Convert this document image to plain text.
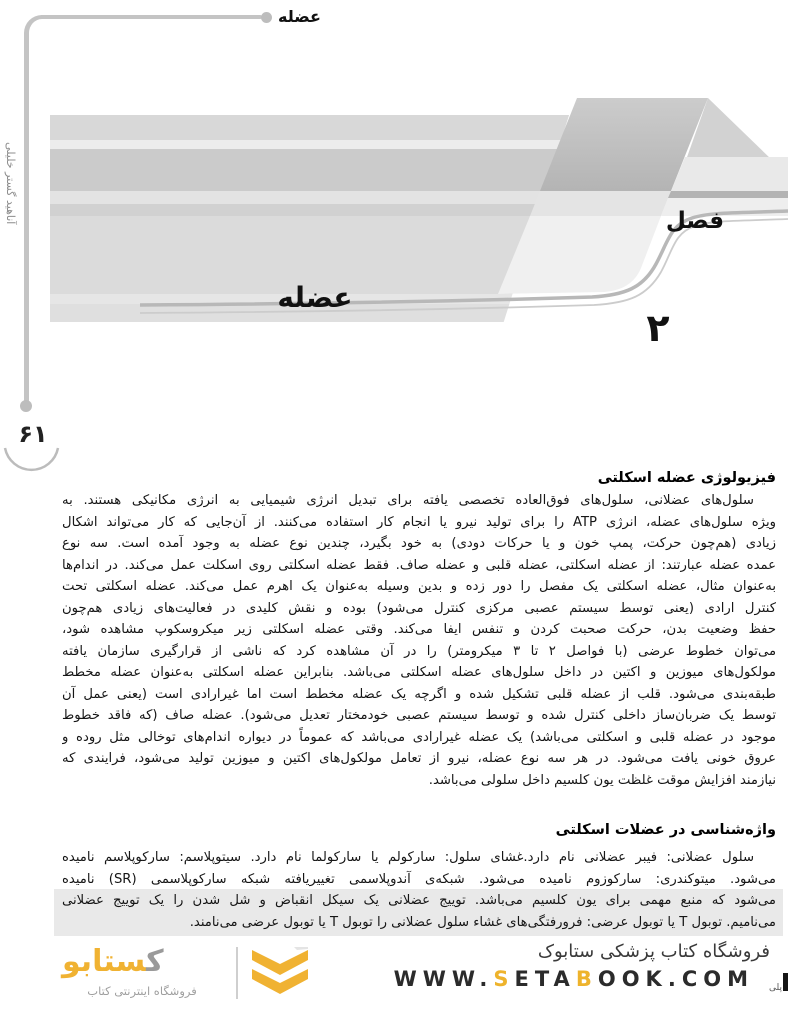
عضله
آناهید گستر خلیلی
۶۱
عضله
فصل
۲
فیزیولوژی عضله اسکلتی
سلول‌های عضلانی، سلول‌های فوق‌العاده تخصصی یافته برای تبدیل انرژی شیمیایی به انرژی مکانیکی هستند. به
ویژه سلول‌های عضله، انرژی ATP را برای تولید نیرو یا انجام کار استفاده می‌کنند. از آن‌جایی که کار می‌تواند اشکال
زیادی (هم‌چون حرکت، پمپ خون و یا حرکات دودی) به خود بگیرد، چندین نوع عضله به وجود آمده است. سه نوع
عمده عضله عبارتند: از عضله اسکلتی، عضله قلبی و عضله صاف. فقط عضله اسکلتی روی اسکلت عمل می‌کند. در اندام‌ها
به‌عنوان مثال، عضله اسکلتی یک مفصل را دور زده و بدین وسیله به‌عنوان یک اهرم عمل می‌کند. عضله اسکلتی تحت
کنترل ارادی (یعنی توسط سیستم عصبی مرکزی کنترل می‌شود) بوده و نقش کلیدی در فعالیت‌های زیادی هم‌چون
حفظ وضعیت بدن، حرکت صحبت کردن و تنفس ایفا می‌کند. وقتی عضله اسکلتی زیر میکروسکوپ مشاهده شود،
می‌توان خطوط عرضی (با فواصل ۲ تا ۳ میکرومتر) را در آن مشاهده کرد که ناشی از قرارگیری سازمان یافته
مولکول‌های میوزین و اکتین در داخل سلول‌های عضله اسکلتی می‌باشد. بنابراین عضله اسکلتی به‌عنوان عضله مخطط
طبقه‌بندی می‌شود. قلب از عضله قلبی تشکیل شده و اگرچه یک عضله مخطط است اما غیرارادی است (یعنی عمل آن
توسط یک ضربان‌ساز داخلی کنترل شده و توسط سیستم عصبی خودمختار تعدیل می‌شود). عضله صاف (که فاقد خطوط
موجود در عضله قلبی و اسکلتی می‌باشد) یک عضله غیرارادی می‌باشد که عموماً در دیواره اندام‌های توخالی مثل روده و
عروق خونی یافت می‌شود. در هر سه نوع عضله، نیرو از تعامل مولکول‌های اکتین و میوزین تولید می‌شود، فرایندی که
نیازمند افزایش موقت غلظت یون کلسیم داخل سلولی می‌باشد.
واژه‌شناسی در عضلات اسکلتی
سلول عضلانی: فیبر عضلانی نام دارد.غشای سلول: سارکولم یا سارکولما نام دارد. سیتوپلاسم: سارکوپلاسم نامیده
می‌شود. میتوکندری: سارکوزوم نامیده می‌شود. شبکه‌ی آندوپلاسمی تغییریافته شبکه سارکوپلاسمی (SR) نامیده
می‌شود که منبع مهمی برای یون کلسیم می‌باشد. توییج عضلانی یک سیکل انقباض و شل شدن را یک توییج عضلانی
می‌نامیم. توبول T یا توبول عرضی: فرورفتگی‌های غشاء سلول عضلانی را توبول T یا توبول عرضی می‌نامند.
کستابو
فروشگاه اینترنتی کتاب
فروشگاه کتاب پزشکی ستابوک
WWW.SETABOOK.COM پلی
